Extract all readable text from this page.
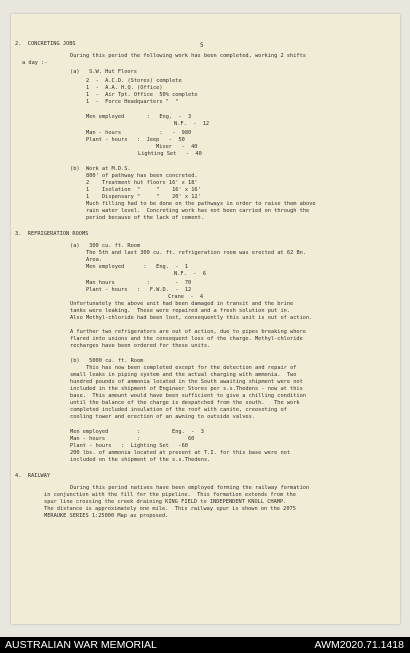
5
2.  CONCRETING JOBS
During this period the following work has been completed, working 2 shifts
a day :-
(a)   S.W. Hut Floors
2  -  A.C.D. (Stores) complete
1  -  A.A. H.Q. (Office)
1  -  Air Tpt. Office  50% complete
1  -  Force Headquarters "  "
Men employed       :   Eng.  -  3
N.F.  -  12
Man - hours            :   -  980
Plant - hours   :  Jeep   -  50
Mixer   -  40
Lighting Set   -  40
(b)  Work at M.D.S.
800' of pathway has been concreted.
2    Treatment hut floors 16' x 18'
1    Isolation  "     "    16' x 16'
1    Dispensary "     "    20' x 12'
Much filling had to be done on the pathways in order to raise them above
rain water level.  Concreting work has not been carried on through the
period because of the lack of cement.
3.  REFRIGERATION ROOMS
(a)   300 cu. ft. Room
The 5th and last 300 cu. ft. refrigeration room was erected at 62 Bn.
Area.
Men employed      :   Eng.  -  1
N.F.  -  6
Man hours          :        -  70
Plant - hours   :   F.W.D.  -  12
Crane  -  4
Unfortunately the above unit had been damaged in transit and the brine
tanks were leaking.  These were repaired and a fresh solution put in.
Also Methyl-chloride had been lost, consequently this unit is out of action.
A further two refrigerators are out of action, due to pipes breaking where
flared into unions and the consequent loss of the charge. Methyl-chloride
recharges have been ordered for these units.
(b)   5000 cu. ft. Room
This has now been completed except for the detection and repair of
small leaks in piping system and the actual charging with ammonia.  Two
hundred pounds of ammonia located in the South awaiting shipment were not
included in the shipment of Engineer Stores per s.s.Thedens - now at this
base.  This amount would have been sufficient to give a chilling condition
until the balance of the charge is despatched from the south.   The work
completed included insulation of the roof with canite, creosoting of
cooling tower and erection of an awning to outside valves.
Men employed         :          Eng.  -  3
Man - hours          :               60
Plant - hours   :  Lighting Set   -60
200 lbs. of ammonia located at present at T.I. for this base were not
included on the shipment of the s.s.Thedens.
4.  RAILWAY
During this period natives have been employed forming the railway formation
in conjunction with the fill for the pipeline.  This formation extends from the
spur line crossing the creek draining KING FIELD to INDEPENDENT KNOLL CHAMP.
The distance is approximately one mile.  This railway spur is shown on the 2075
MERAUKE SERIES 1:25000 Map as proposed.
AUSTRALIAN WAR MEMORIAL	AWM2020.71.1418
